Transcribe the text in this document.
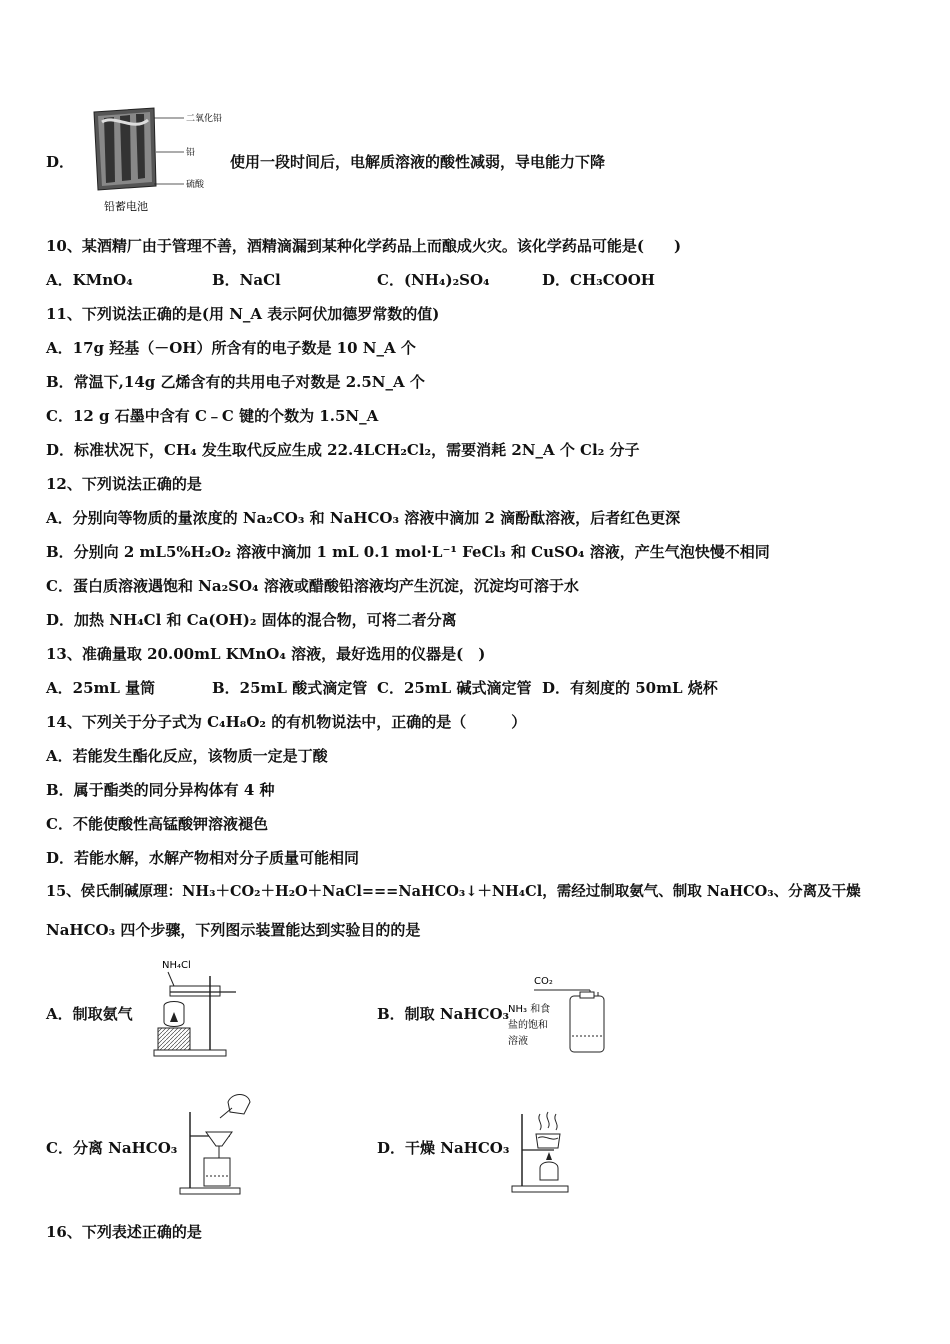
D．
二氧化铅
铅
硫酸
铅蓄电池
使用一段时间后，电解质溶液的酸性减弱，导电能力下降
10、某酒精厂由于管理不善，酒精滴漏到某种化学药品上而酿成火灾。该化学药品可能是(　　)
A．KMnO₄	B．NaCl	C．(NH₄)₂SO₄	D．CH₃COOH
11、下列说法正确的是(用 N_A 表示阿伏加德罗常数的值)
A．17g 羟基（－OH）所含有的电子数是 10 N_A 个
B．常温下,14g 乙烯含有的共用电子对数是 2.5N_A 个
C．12 g 石墨中含有 C﹣C 键的个数为 1.5N_A
D．标准状况下，CH₄ 发生取代反应生成 22.4LCH₂Cl₂，需要消耗 2N_A 个 Cl₂ 分子
12、下列说法正确的是
A．分别向等物质的量浓度的 Na₂CO₃ 和 NaHCO₃ 溶液中滴加 2 滴酚酞溶液，后者红色更深
B．分别向 2 mL5%H₂O₂ 溶液中滴加 1 mL 0.1 mol·L⁻¹ FeCl₃ 和 CuSO₄ 溶液，产生气泡快慢不相同
C．蛋白质溶液遇饱和 Na₂SO₄ 溶液或醋酸铅溶液均产生沉淀，沉淀均可溶于水
D．加热 NH₄Cl 和 Ca(OH)₂ 固体的混合物，可将二者分离
13、准确量取 20.00mL KMnO₄ 溶液，最好选用的仪器是(　)
A．25mL 量筒	B．25mL 酸式滴定管 C．25mL 碱式滴定管 D．有刻度的 50mL 烧杯
14、下列关于分子式为 C₄H₈O₂ 的有机物说法中，正确的是（　　　）
A．若能发生酯化反应，该物质一定是丁酸
B．属于酯类的同分异构体有 4 种
C．不能使酸性高锰酸钾溶液褪色
D．若能水解，水解产物相对分子质量可能相同
15、侯氏制碱原理：NH₃＋CO₂＋H₂O＋NaCl===NaHCO₃↓＋NH₄Cl，需经过制取氨气、制取 NaHCO₃、分离及干燥
NaHCO₃ 四个步骤，下列图示装置能达到实验目的的是
A．制取氨气
NH₄Cl
B．制取 NaHCO₃
CO₂
NH₃ 和食
盐的饱和
溶液
C．分离 NaHCO₃	D．干燥 NaHCO₃
16、下列表述正确的是
